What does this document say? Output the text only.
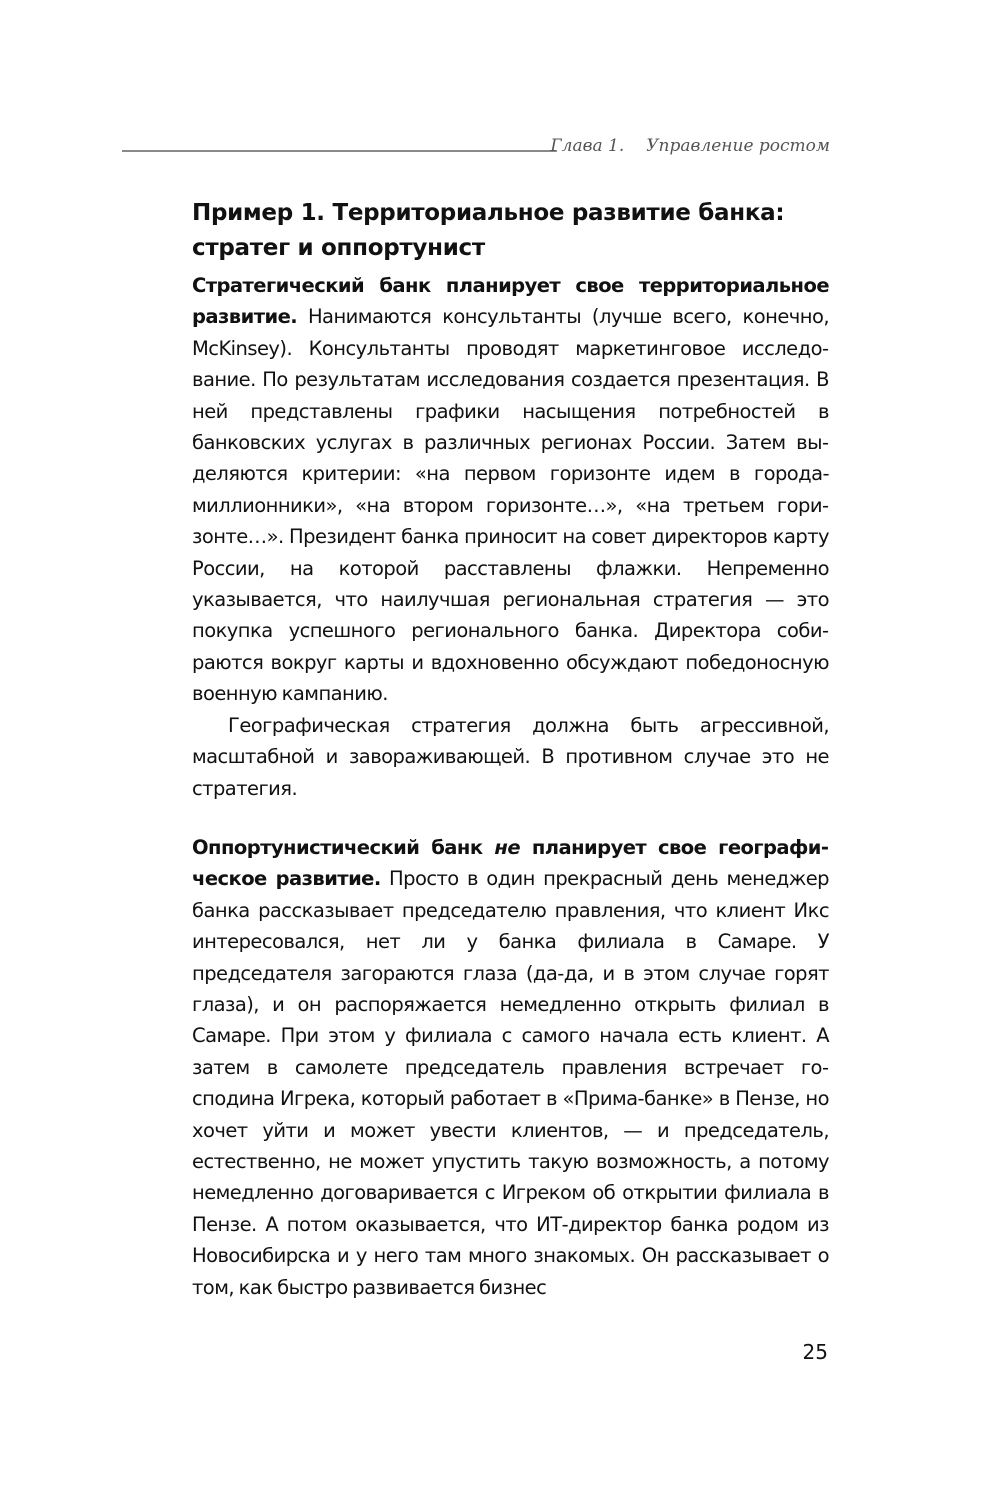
Глава 1. Управление ростом
Пример 1. Территориальное развитие банка:
стратег и оппортунист

Стратегический банк планирует свое территориальное развитие. Нанимаются консультанты (лучше всего, конечно, McKinsey). Консультанты проводят маркетинговое исследование. По результатам исследования создается презентация. В ней представлены графики насыщения потребностей в банковских услугах в различных регионах России. Затем выделяются критерии: «на первом горизонте идем в города-миллионники», «на втором горизонте…», «на третьем горизонте…». Президент банка приносит на совет директоров карту России, на которой расставлены флажки. Непременно указывается, что наилучшая региональная стратегия — это покупка успешного регионального банка. Директора собираются вокруг карты и вдохновенно обсуждают победоносную военную кампанию.

Географическая стратегия должна быть агрессивной, масштабной и завораживающей. В противном случае это не стратегия.

Оппортунистический банк не планирует свое географическое развитие. Просто в один прекрасный день менеджер банка рассказывает председателю правления, что клиент Икс интересовался, нет ли у банка филиала в Самаре. У председателя загораются глаза (да-да, и в этом случае горят глаза), и он распоряжается немедленно открыть филиал в Самаре. При этом у филиала с самого начала есть клиент. А затем в самолете председатель правления встречает господина Игрека, который работает в «Прима-банке» в Пензе, но хочет уйти и может увести клиентов, — и председатель, естественно, не может упустить такую возможность, а потому немедленно договаривается с Игреком об открытии филиала в Пензе. А потом оказывается, что ИТ-директор банка родом из Новосибирска и у него там много знакомых. Он рассказывает о том, как быстро развивается бизнес

25
